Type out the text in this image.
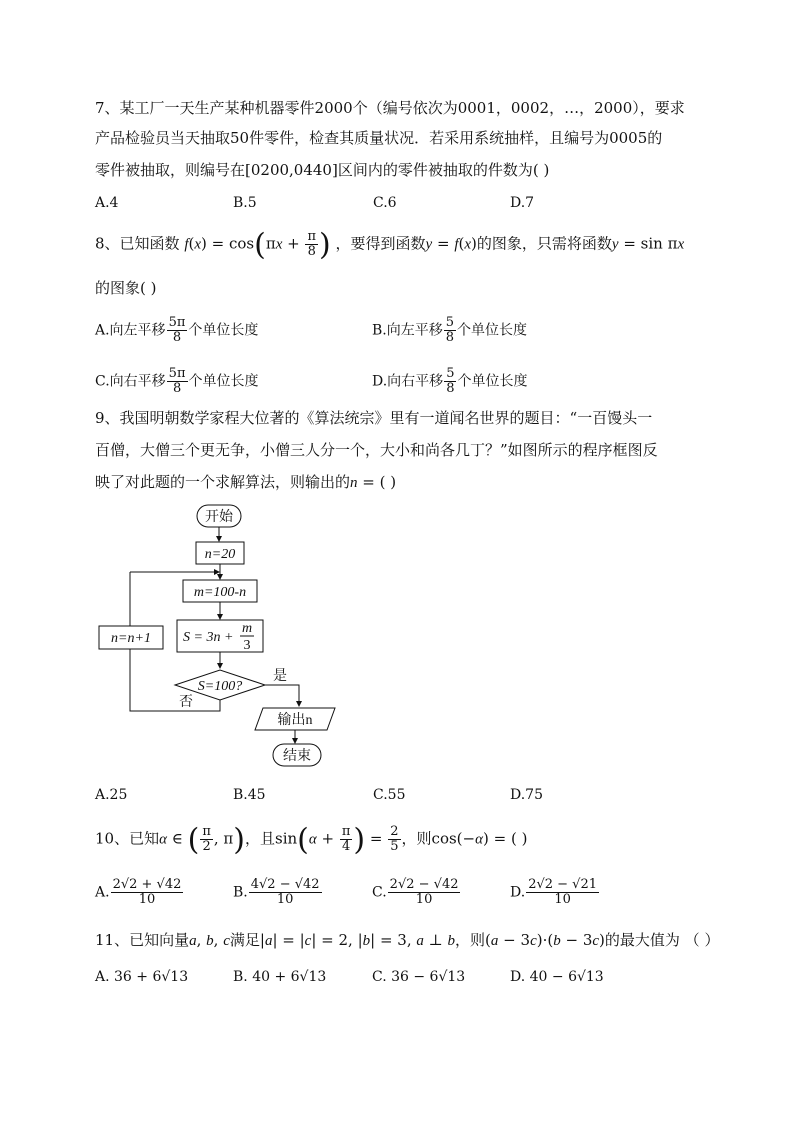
7、某工厂一天生产某种机器零件2000个（编号依次为0001，0002，…，2000），要求
产品检验员当天抽取50件零件，检查其质量状况．若采用系统抽样，且编号为0005的
零件被抽取，则编号在[0200,0440]区间内的零件被抽取的件数为( )
A.4	B.5	C.6	D.7
8、已知函数 $f(x) = \cos(\pi x + \frac{\pi}{8}$ ) ，要得到函数y = f(x)的图象，只需将函数y = sin πx
的图象( )
A.向左平移 $\frac{5\pi}{8}$ 个单位长度	B.向左平移 $\frac{5}{8}$ 个单位长度
C.向右平移 $\frac{5\pi}{8}$ 个单位长度	D.向右平移 $\frac{5}{8}$ 个单位长度
9、我国明朝数学家程大位著的《算法统宗》里有一道闻名世界的题目：“一百馒头一
百僧，大僧三个更无争，小僧三人分一个，大小和尚各几丁？”如图所示的程序框图反
映了对此题的一个求解算法，则输出的n = ( )
开始
n=20
m=100-n
S = 3n +
m
3
S=100?
是
否
n=n+1
输出n
结束
A.25	B.45	C.55	D.75
10、已知α ∈ ( $\frac{\pi}{2}$ , π)，且$\sin(\alpha + \frac{\pi}{4}$ ) = $\frac{2}{5}$ ，则cos(−α) = ( )
A. $\frac{2√2 + √42}{10}$	B. $\frac{4√2 - √42}{10}$	C. $\frac{2√2 - √42}{10}$	D. $\frac{2√2 - √21}{10}$
11、已知向量a, b, c满足|a| = |c| = 2, |b| = 3, a ⊥ b，则(a − 3c)·(b − 3c)的最大值为 （ ）
A. 36 + 6√13	B. 40 + 6√13	C. 36 − 6√13	D. 40 − 6√13
